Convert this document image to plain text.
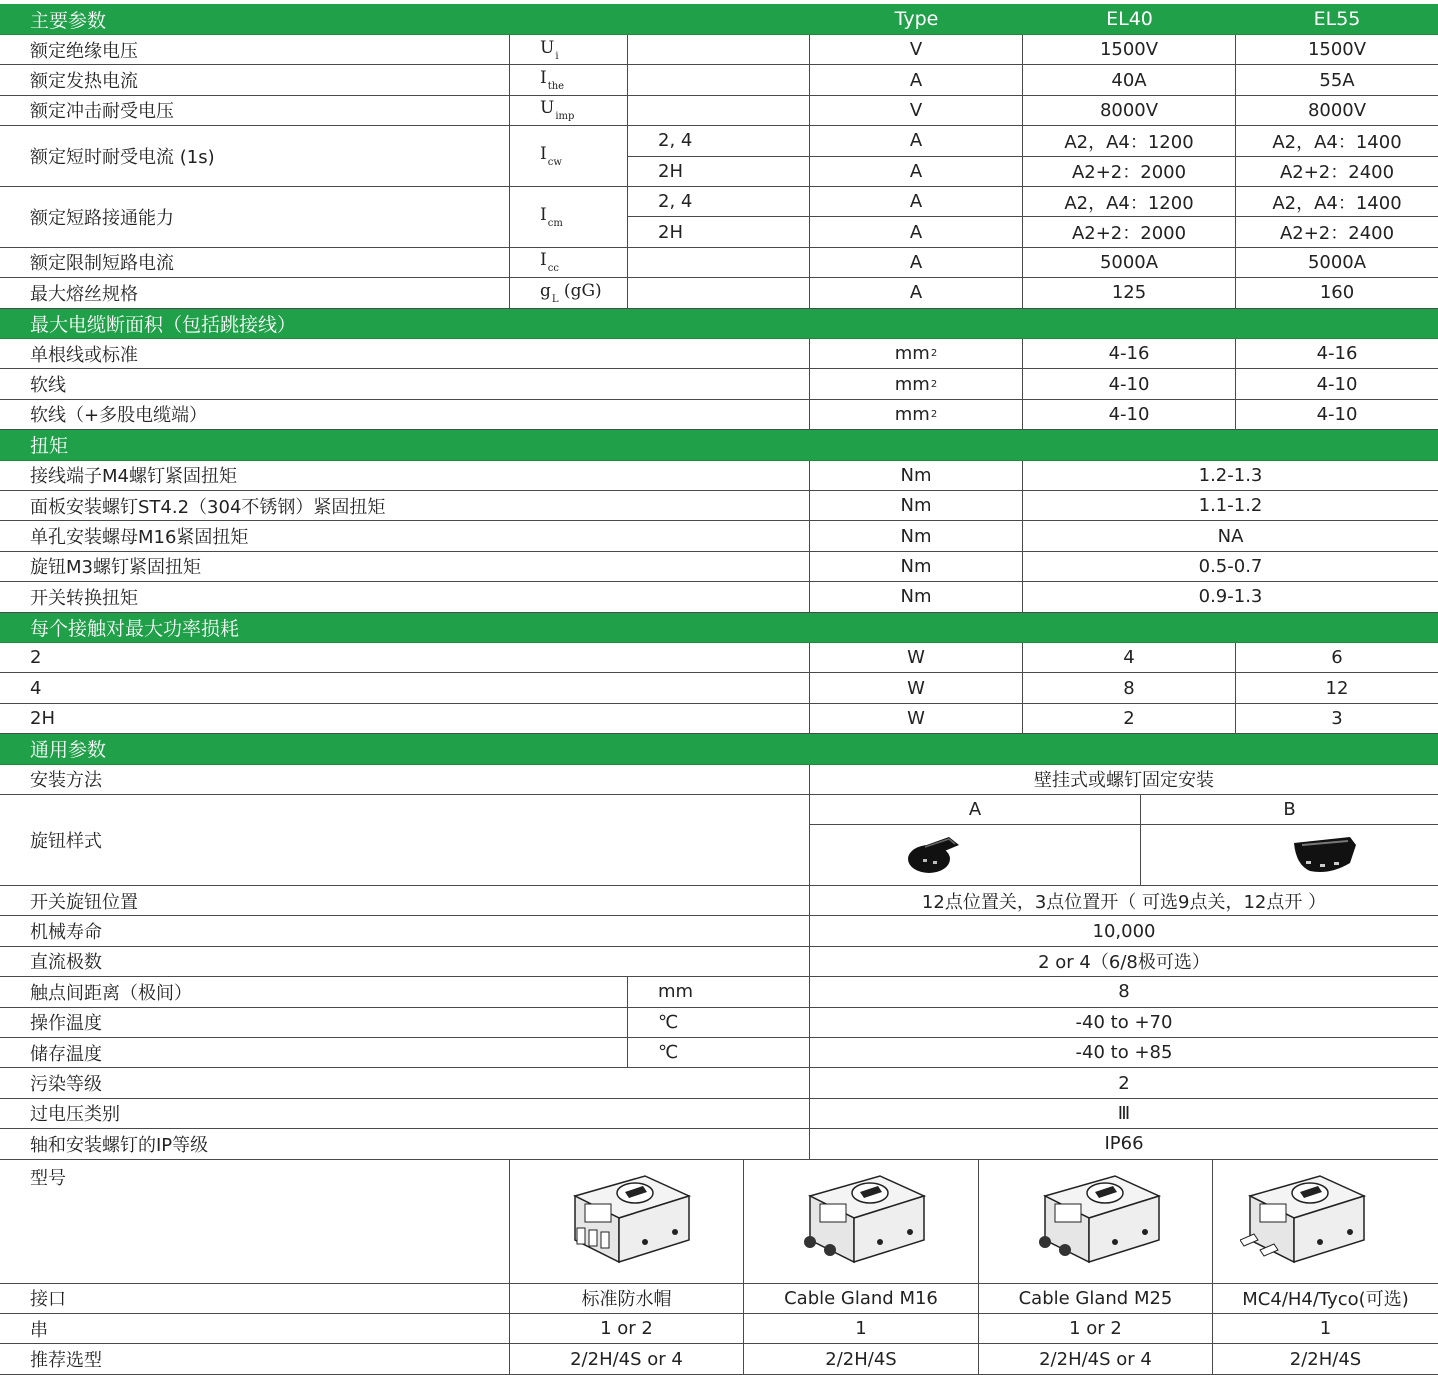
主要参数	Type	EL40	EL55
额定绝缘电压	$U_i$	V	1500V	1500V
额定发热电流	$I_{the}$	A	40A	55A
额定冲击耐受电压	$U_{imp}$	V	8000V	8000V
额定短时耐受电流 (1s)	$I_{cw}$
2, 4	A	A2，A4：1200	A2，A4：1400
2H	A	A2+2：2000	A2+2：2400
额定短路接通能力	$I_{cm}$
2, 4	A	A2，A4：1200	A2，A4：1400
2H	A	A2+2：2000	A2+2：2400
额定限制短路电流	$I_{cc}$	A	5000A	5000A
最大熔丝规格	$g_L$ (gG)	A	125	160
最大电缆断面积（包括跳接线）
单根线或标准	mm 2	4-16	4-16
软线	mm 2	4-10	4-10
软线（+多股电缆端）	mm 2	4-10	4-10
扭矩
接线端子M4螺钉紧固扭矩	Nm	1.2-1.3
面板安装螺钉ST4.2（304不锈钢）紧固扭矩	Nm	1.1-1.2
单孔安装螺母M16紧固扭矩	Nm	NA
旋钮M3螺钉紧固扭矩	Nm	0.5-0.7
开关转换扭矩	Nm	0.9-1.3
每个接触对最大功率损耗
2	W	4	6
4	W	8	12
2H	W	2	3
通用参数
安装方法	壁挂式或螺钉固定安装
旋钮样式
A	B
开关旋钮位置	12点位置关，3点位置开（ 可选9点关，12点开 ）
机械寿命	10,000
直流极数	2 or 4（6/8极可选）
触点间距离（极间）	mm	8
操作温度	℃	-40 to +70
储存温度	℃	-40 to +85
污染等级	2
过电压类别	Ⅲ
轴和安装螺钉的IP等级	IP66
型号
接口	标准防水帽	Cable Gland M16	Cable Gland M25	MC4/H4/Tyco(可选)
串	1 or 2	1	1 or 2	1
推荐选型	2/2H/4S or 4	2/2H/4S	2/2H/4S or 4	2/2H/4S
